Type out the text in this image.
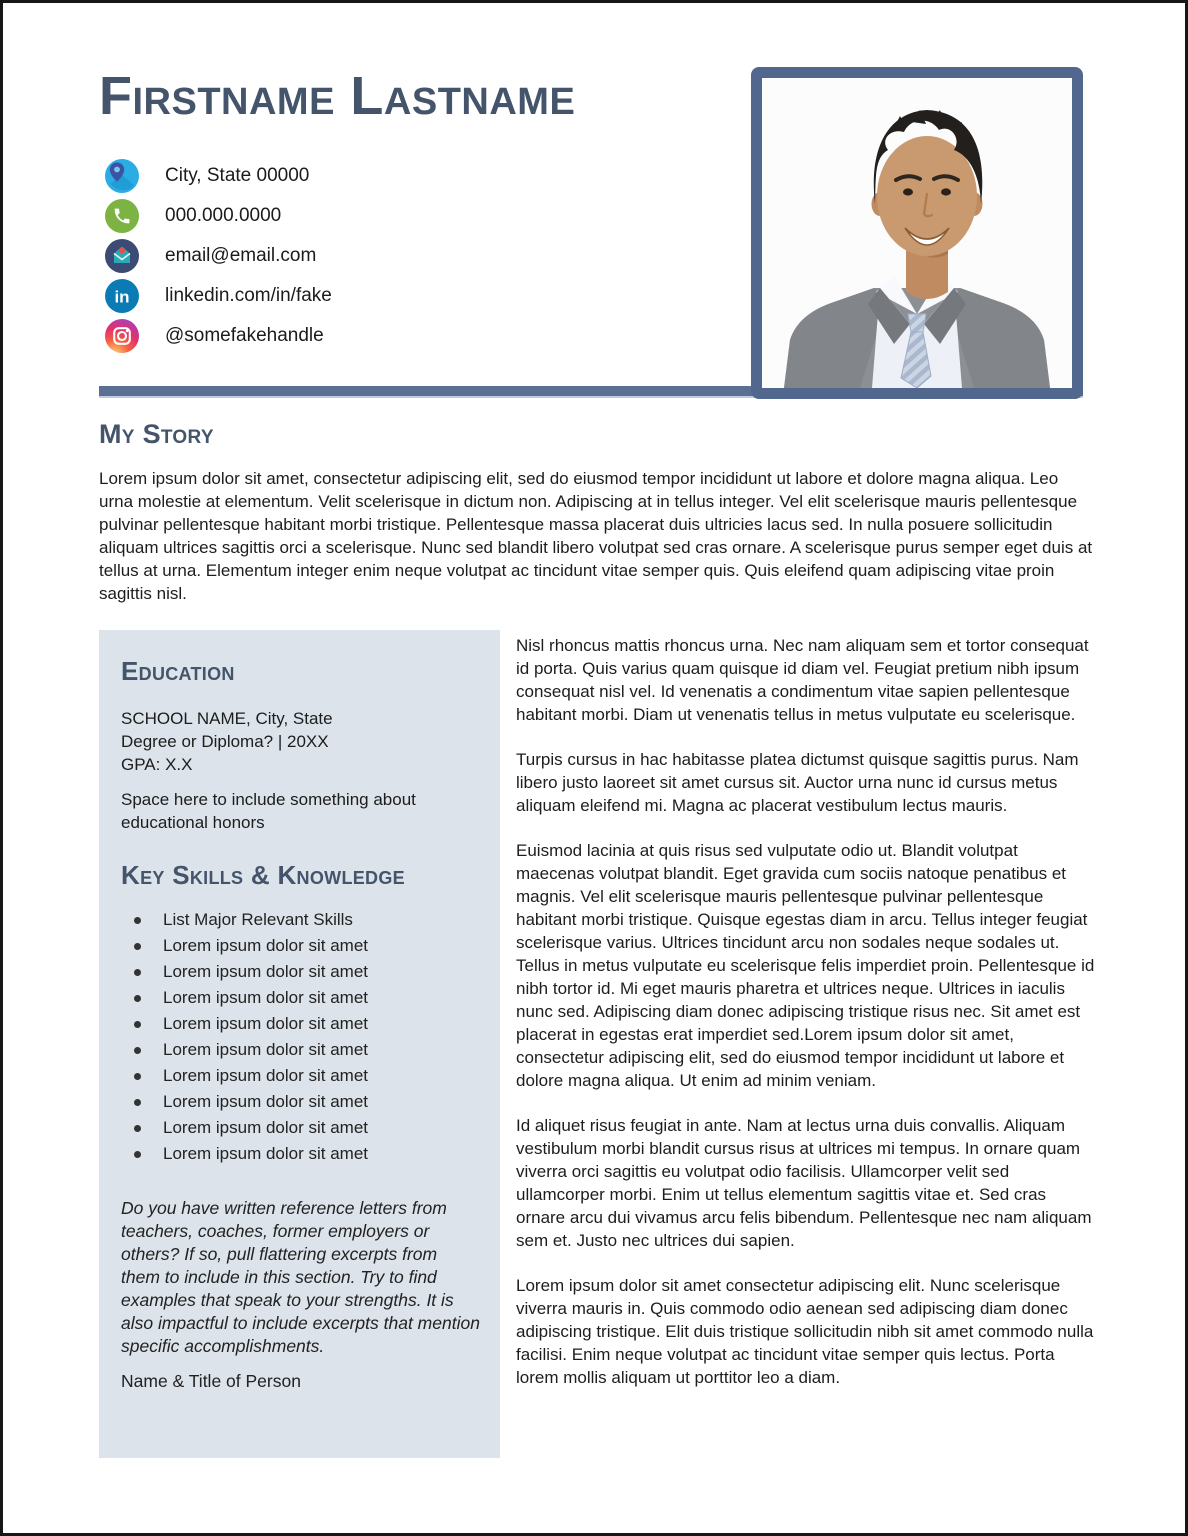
Firstname Lastname
City, State 00000
000.000.0000
email@email.com
in linkedin.com/in/fake
@somefakehandle
My Story
Lorem ipsum dolor sit amet, consectetur adipiscing elit, sed do eiusmod tempor incididunt ut labore et dolore magna aliqua. Leo urna molestie at elementum. Velit scelerisque in dictum non. Adipiscing at in tellus integer. Vel elit scelerisque mauris pellentesque pulvinar pellentesque habitant morbi tristique. Pellentesque massa placerat duis ultricies lacus sed. In nulla posuere sollicitudin aliquam ultrices sagittis orci a scelerisque. Nunc sed blandit libero volutpat sed cras ornare. A scelerisque purus semper eget duis at tellus at urna. Elementum integer enim neque volutpat ac tincidunt vitae semper quis. Quis eleifend quam adipiscing vitae proin sagittis nisl.
Education
SCHOOL NAME, City, State
Degree or Diploma? | 20XX
GPA: X.X
Space here to include something about educational honors
Key Skills & Knowledge
List Major Relevant Skills
Lorem ipsum dolor sit amet
Lorem ipsum dolor sit amet
Lorem ipsum dolor sit amet
Lorem ipsum dolor sit amet
Lorem ipsum dolor sit amet
Lorem ipsum dolor sit amet
Lorem ipsum dolor sit amet
Lorem ipsum dolor sit amet
Lorem ipsum dolor sit amet
Do you have written reference letters from teachers, coaches, former employers or others? If so, pull flattering excerpts from them to include in this section. Try to find examples that speak to your strengths. It is also impactful to include excerpts that mention specific accomplishments.
Name & Title of Person
Nisl rhoncus mattis rhoncus urna. Nec nam aliquam sem et tortor consequat id porta. Quis varius quam quisque id diam vel. Feugiat pretium nibh ipsum consequat nisl vel. Id venenatis a condimentum vitae sapien pellentesque habitant morbi. Diam ut venenatis tellus in metus vulputate eu scelerisque.
Turpis cursus in hac habitasse platea dictumst quisque sagittis purus. Nam libero justo laoreet sit amet cursus sit. Auctor urna nunc id cursus metus aliquam eleifend mi. Magna ac placerat vestibulum lectus mauris.
Euismod lacinia at quis risus sed vulputate odio ut. Blandit volutpat maecenas volutpat blandit. Eget gravida cum sociis natoque penatibus et magnis. Vel elit scelerisque mauris pellentesque pulvinar pellentesque habitant morbi tristique. Quisque egestas diam in arcu. Tellus integer feugiat scelerisque varius. Ultrices tincidunt arcu non sodales neque sodales ut. Tellus in metus vulputate eu scelerisque felis imperdiet proin. Pellentesque id nibh tortor id. Mi eget mauris pharetra et ultrices neque. Ultrices in iaculis nunc sed. Adipiscing diam donec adipiscing tristique risus nec. Sit amet est placerat in egestas erat imperdiet sed.Lorem ipsum dolor sit amet, consectetur adipiscing elit, sed do eiusmod tempor incididunt ut labore et dolore magna aliqua. Ut enim ad minim veniam.
Id aliquet risus feugiat in ante. Nam at lectus urna duis convallis. Aliquam vestibulum morbi blandit cursus risus at ultrices mi tempus. In ornare quam viverra orci sagittis eu volutpat odio facilisis. Ullamcorper velit sed ullamcorper morbi. Enim ut tellus elementum sagittis vitae et. Sed cras ornare arcu dui vivamus arcu felis bibendum. Pellentesque nec nam aliquam sem et. Justo nec ultrices dui sapien.
Lorem ipsum dolor sit amet consectetur adipiscing elit. Nunc scelerisque viverra mauris in. Quis commodo odio aenean sed adipiscing diam donec adipiscing tristique. Elit duis tristique sollicitudin nibh sit amet commodo nulla facilisi. Enim neque volutpat ac tincidunt vitae semper quis lectus. Porta lorem mollis aliquam ut porttitor leo a diam.
